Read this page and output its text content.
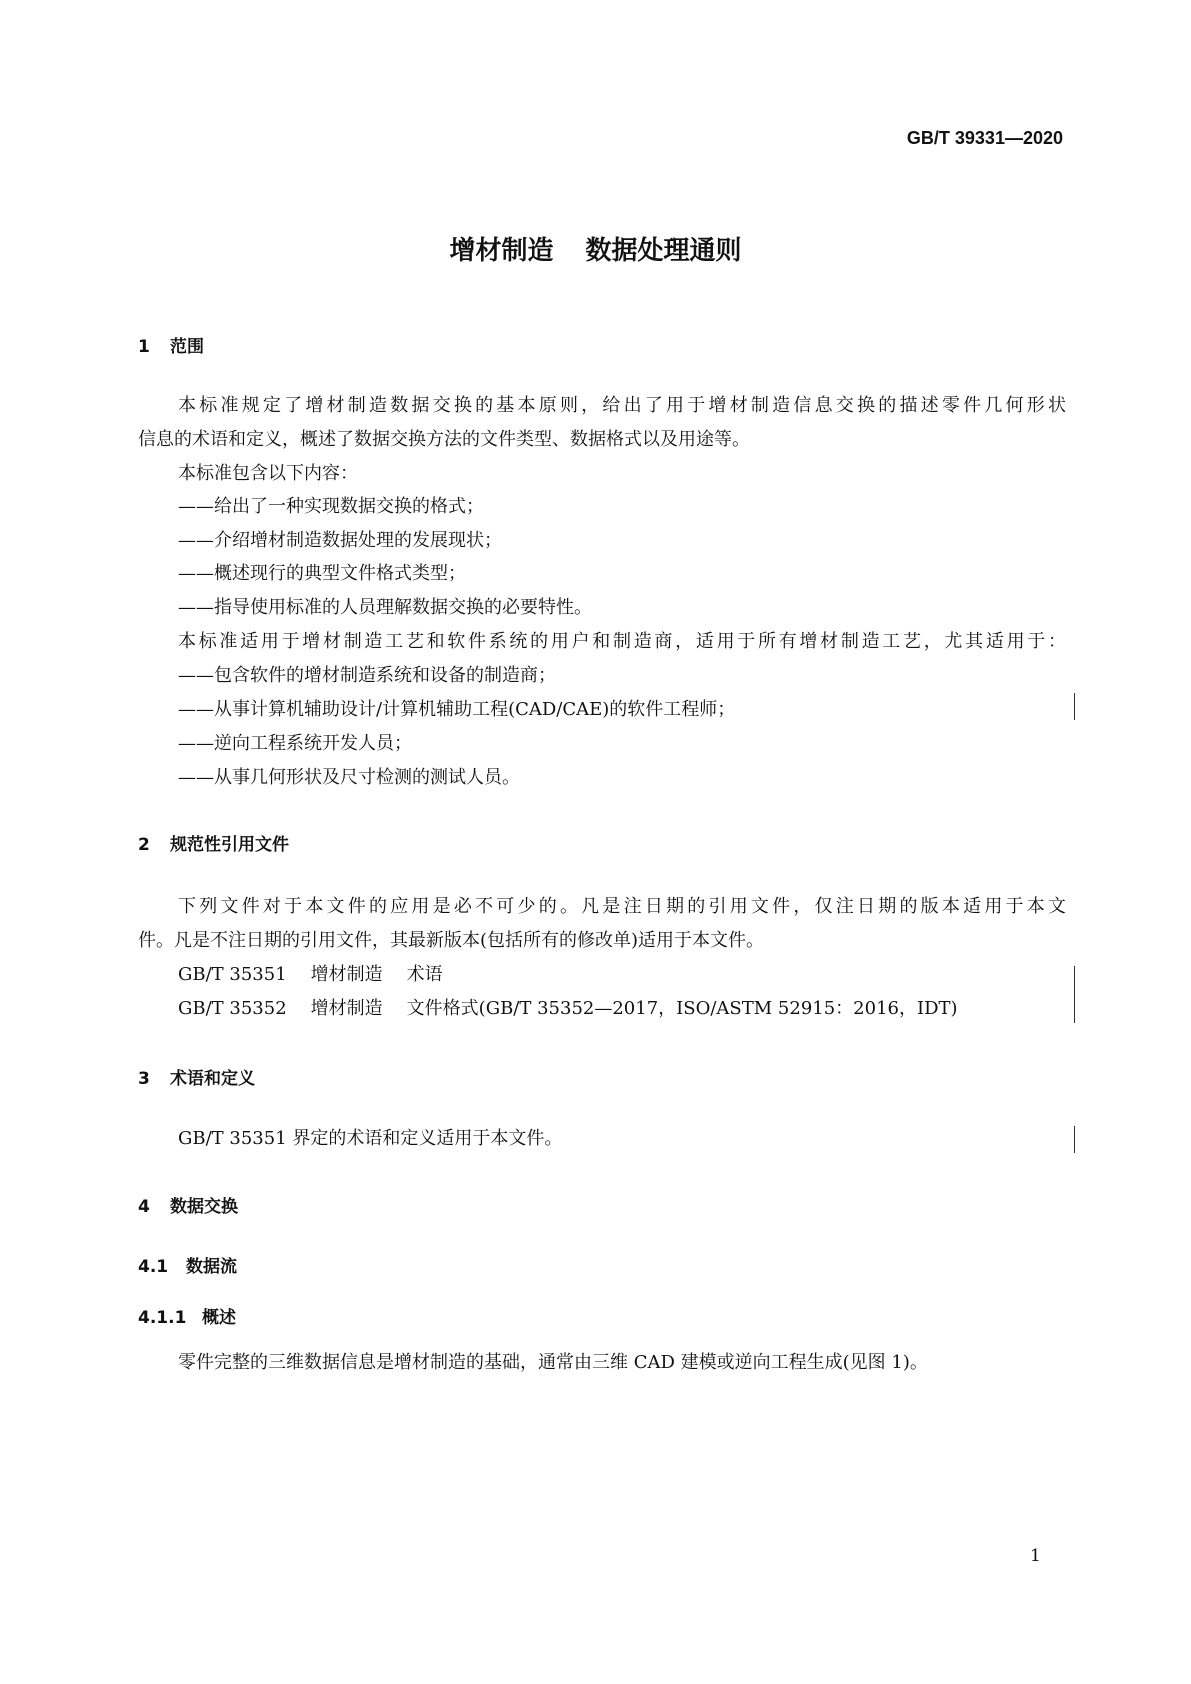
GB/T 39331—2020
增材制造 数据处理通则
1 范围
本标准规定了增材制造数据交换的基本原则，给出了用于增材制造信息交换的描述零件几何形状
信息的术语和定义，概述了数据交换方法的文件类型、数据格式以及用途等。
本标准包含以下内容：
——给出了一种实现数据交换的格式；
——介绍增材制造数据处理的发展现状；
——概述现行的典型文件格式类型；
——指导使用标准的人员理解数据交换的必要特性。
本标准适用于增材制造工艺和软件系统的用户和制造商，适用于所有增材制造工艺，尤其适用于：
——包含软件的增材制造系统和设备的制造商；
——从事计算机辅助设计/计算机辅助工程(CAD/CAE)的软件工程师；
——逆向工程系统开发人员；
——从事几何形状及尺寸检测的测试人员。
2 规范性引用文件
下列文件对于本文件的应用是必不可少的。凡是注日期的引用文件，仅注日期的版本适用于本文
件。凡是不注日期的引用文件，其最新版本(包括所有的修改单)适用于本文件。
GB/T 35351 增材制造 术语
GB/T 35352 增材制造 文件格式(GB/T 35352—2017，ISO/ASTM 52915：2016，IDT)
3 术语和定义
GB/T 35351 界定的术语和定义适用于本文件。
4 数据交换
4.1 数据流
4.1.1 概述
零件完整的三维数据信息是增材制造的基础，通常由三维 CAD 建模或逆向工程生成(见图 1)。
1
